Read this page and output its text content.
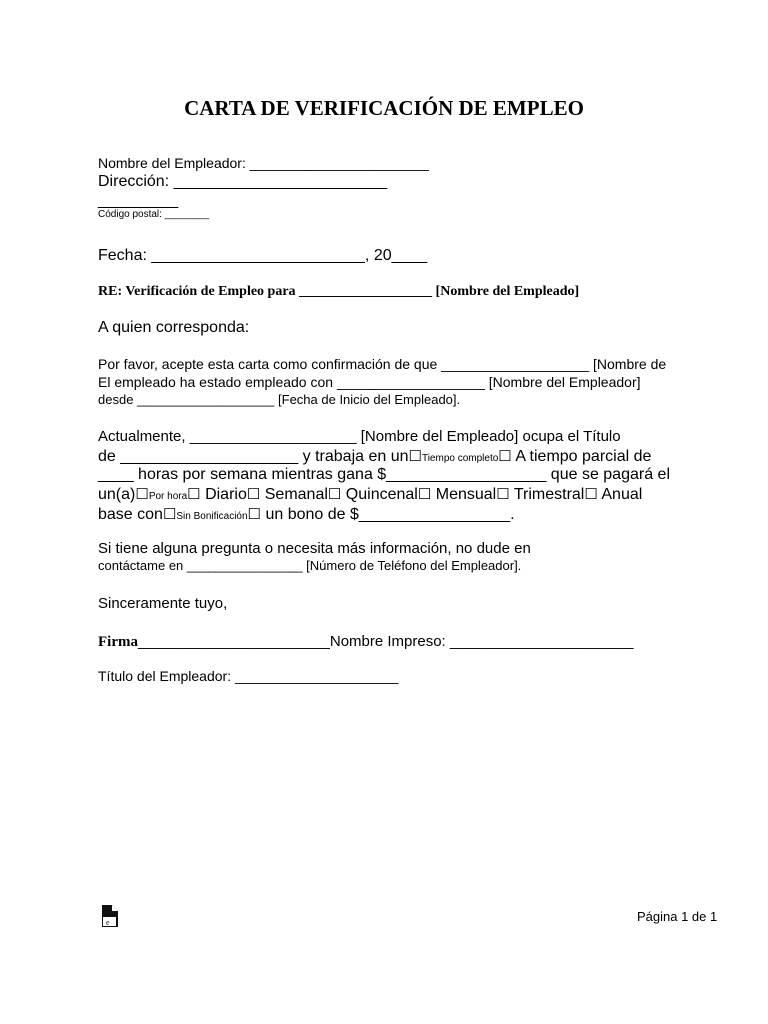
CARTA DE VERIFICACIÓN DE EMPLEO
Nombre del Empleador: _______________________
Dirección: ________________________
_________
Código postal: ________
Fecha: ________________________, 20____
RE: Verificación de Empleo para ___________________ [Nombre del Empleado]
A quien corresponda:
Por favor, acepte esta carta como confirmación de que ___________________ [Nombre de
El empleado ha estado empleado con ___________________ [Nombre del Empleador]
desde ___________________ [Fecha de Inicio del Empleado].
Actualmente, ____________________ [Nombre del Empleado] ocupa el Título
de ____________________ y trabaja en un☐Tiempo completo☐ A tiempo parcial de
____ horas por semana mientras gana $__________________ que se pagará el
un(a)☐Por hora☐ Diario☐ Semanal☐ Quincenal☐ Mensual☐ Trimestral☐ Anual
base con☐Sin Bonificación☐ un bono de $_________________.
Si tiene alguna pregunta o necesita más información, no dude en
contáctame en ________________ [Número de Teléfono del Empleador].
Sinceramente tuyo,
Firma_______________________Nombre Impreso: ______________________
Título del Empleador: _____________________
e	Página 1 de 1
